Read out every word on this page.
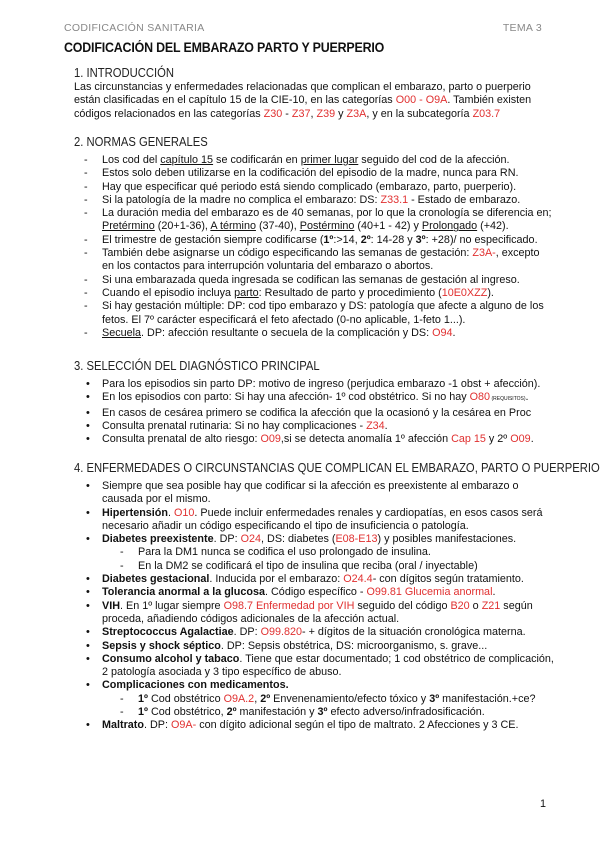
CODIFICACIÓN SANITARIA	TEMA 3
CODIFICACIÓN DEL EMBARAZO PARTO Y PUERPERIO
1. INTRODUCCIÓN
Las circunstancias y enfermedades relacionadas que complican el embarazo, parto o puerperio están clasificadas en el capítulo 15 de la CIE-10, en las categorías O00 - O9A. También existen códigos relacionados en las categorías Z30 - Z37, Z39 y Z3A, y en la subcategoría Z03.7
2. NORMAS GENERALES
- Los cod del capítulo 15 se codificarán en primer lugar seguido del cod de la afección.
- Estos solo deben utilizarse en la codificación del episodio de la madre, nunca para RN.
- Hay que especificar qué periodo está siendo complicado (embarazo, parto, puerperio).
- Si la patología de la madre no complica el embarazo: DS: Z33.1 - Estado de embarazo.
- La duración media del embarazo es de 40 semanas, por lo que la cronología se diferencia en; Pretérmino (20+1-36), A término (37-40), Postérmino (40+1 - 42) y Prolongado (+42).
- El trimestre de gestación siempre codificarse (1º:>14, 2º: 14-28 y 3º: +28)/ no especificado.
- También debe asignarse un código especificando las semanas de gestación: Z3A-, excepto en los contactos para interrupción voluntaria del embarazo o abortos.
- Si una embarazada queda ingresada se codifican las semanas de gestación al ingreso.
- Cuando el episodio incluya parto: Resultado de parto y procedimiento (10E0XZZ).
- Si hay gestación múltiple: DP: cod tipo embarazo y DS: patología que afecte a alguno de los fetos. El 7º carácter especificará el feto afectado (0-no aplicable, 1-feto 1...).
- Secuela. DP: afección resultante o secuela de la complicación y DS: O94.
3. SELECCIÓN DEL DIAGNÓSTICO PRINCIPAL
• Para los episodios sin parto DP: motivo de ingreso (perjudica embarazo -1 obst + afección).
• En los episodios con parto: Si hay una afección- 1º cod obstétrico. Si no hay O80 (REQUISITOS).
• En casos de cesárea primero se codifica la afección que la ocasionó y la cesárea en Proc
• Consulta prenatal rutinaria: Si no hay complicaciones - Z34.
• Consulta prenatal de alto riesgo: O09,si se detecta anomalía 1º afección Cap 15 y 2º O09.
4. ENFERMEDADES O CIRCUNSTANCIAS QUE COMPLICAN EL EMBARAZO, PARTO O PUERPERIO
• Siempre que sea posible hay que codificar si la afección es preexistente al embarazo o causada por el mismo.
• Hipertensión. O10. Puede incluir enfermedades renales y cardiopatías, en esos casos será necesario añadir un código especificando el tipo de insuficiencia o patología.
• Diabetes preexistente. DP: O24, DS: diabetes (E08-E13) y posibles manifestaciones.
- Para la DM1 nunca se codifica el uso prolongado de insulina.
- En la DM2 se codificará el tipo de insulina que reciba (oral / inyectable)
• Diabetes gestacional. Inducida por el embarazo: O24.4- con dígitos según tratamiento.
• Tolerancia anormal a la glucosa. Código específico - O99.81 Glucemia anormal.
• VIH. En 1º lugar siempre O98.7 Enfermedad por VIH seguido del código B20 o Z21 según proceda, añadiendo códigos adicionales de la afección actual.
• Streptococcus Agalactiae. DP: O99.820- + dígitos de la situación cronológica materna.
• Sepsis y shock séptico. DP: Sepsis obstétrica, DS: microorganismo, s. grave...
• Consumo alcohol y tabaco. Tiene que estar documentado; 1 cod obstétrico de complicación, 2 patología asociada y 3 tipo específico de abuso.
• Complicaciones con medicamentos.
- 1º Cod obstétrico O9A.2, 2º Envenenamiento/efecto tóxico y 3º manifestación.+ce?
- 1º Cod obstétrico, 2º manifestación y 3º efecto adverso/infradosificación.
• Maltrato. DP: O9A- con dígito adicional según el tipo de maltrato. 2 Afecciones y 3 CE.
1
